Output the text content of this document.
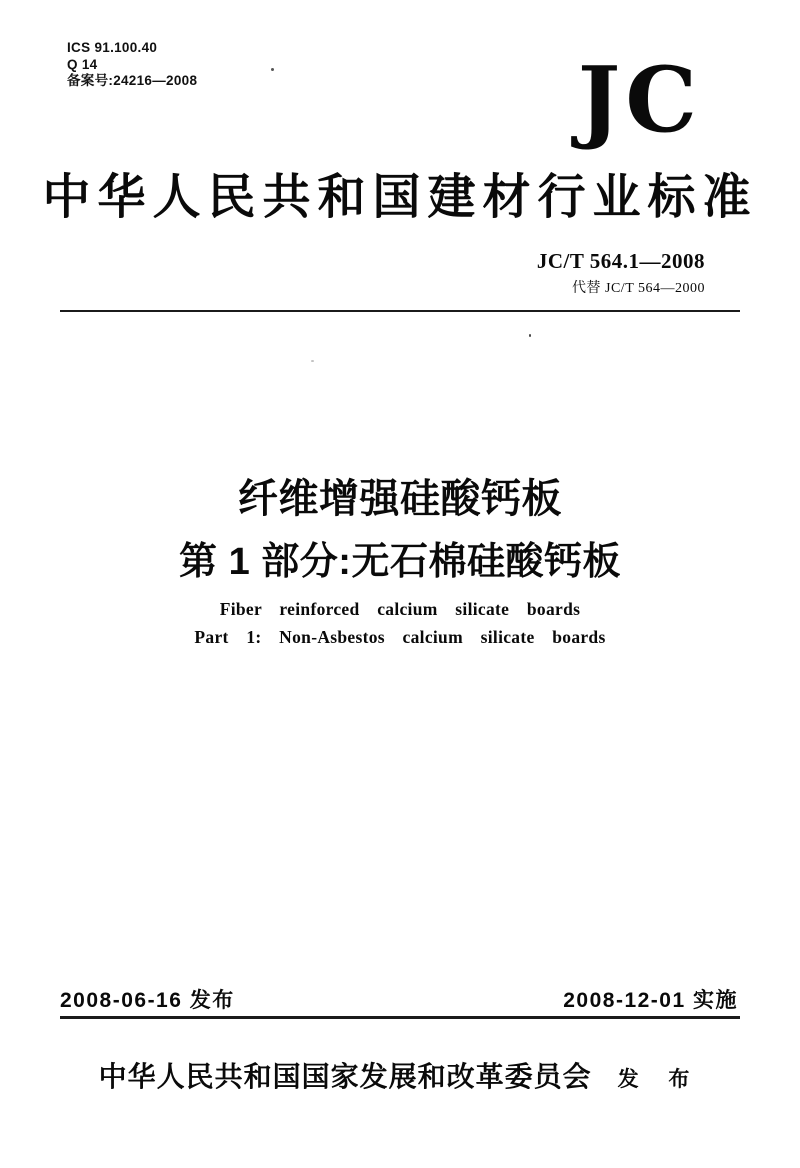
ICS 91.100.40
Q 14
备案号:24216—2008	JC
中华人民共和国建材行业标准
JC/T 564.1—2008
代替 JC/T 564—2000
纤维增强硅酸钙板
第 1 部分:无石棉硅酸钙板
Fiber reinforced calcium silicate boards
Part 1: Non-Asbestos calcium silicate boards
2008-06-16 发布	2008-12-01 实施
中华人民共和国国家发展和改革委员会 发 布
